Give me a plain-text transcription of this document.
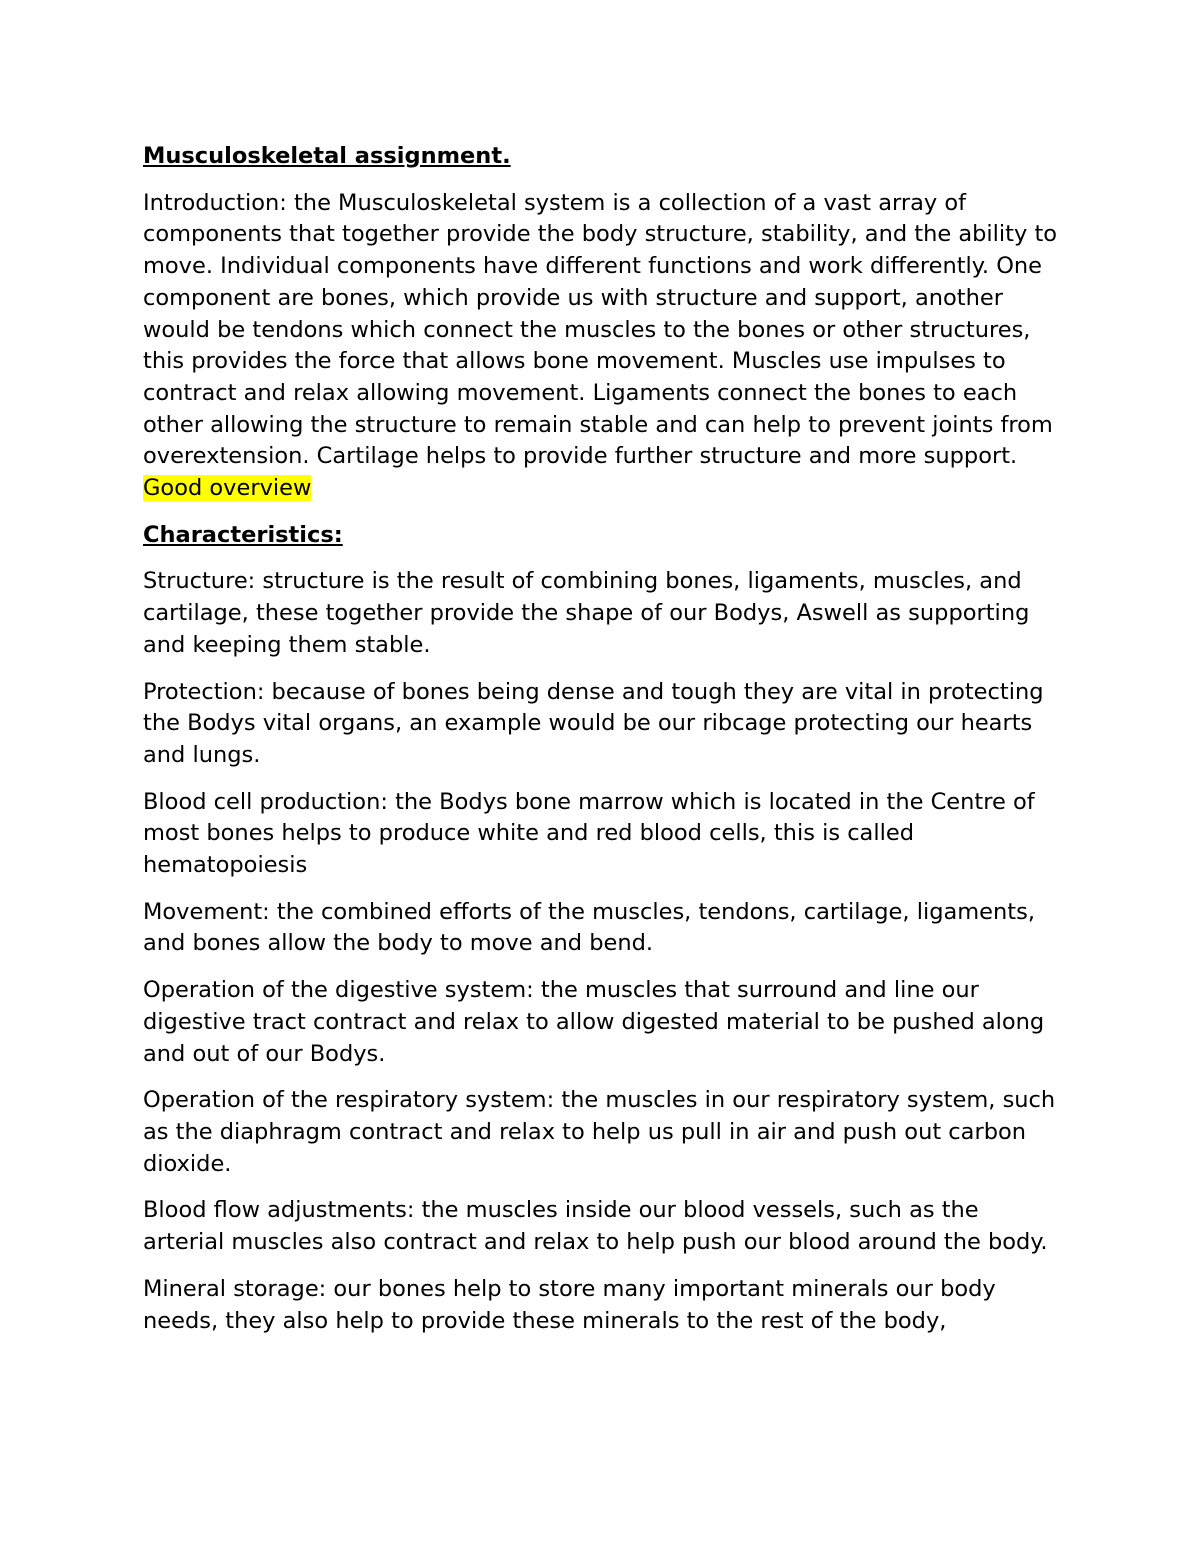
Musculoskeletal assignment.

Introduction: the Musculoskeletal system is a collection of a vast array of components that together provide the body structure, stability, and the ability to move. Individual components have different functions and work differently. One component are bones, which provide us with structure and support, another would be tendons which connect the muscles to the bones or other structures, this provides the force that allows bone movement. Muscles use impulses to contract and relax allowing movement. Ligaments connect the bones to each other allowing the structure to remain stable and can help to prevent joints from overextension. Cartilage helps to provide further structure and more support. Good overview

Characteristics:

Structure: structure is the result of combining bones, ligaments, muscles, and cartilage, these together provide the shape of our Bodys, Aswell as supporting and keeping them stable.

Protection: because of bones being dense and tough they are vital in protecting the Bodys vital organs, an example would be our ribcage protecting our hearts and lungs.

Blood cell production: the Bodys bone marrow which is located in the Centre of most bones helps to produce white and red blood cells, this is called hematopoiesis

Movement: the combined efforts of the muscles, tendons, cartilage, ligaments, and bones allow the body to move and bend.

Operation of the digestive system: the muscles that surround and line our digestive tract contract and relax to allow digested material to be pushed along and out of our Bodys.

Operation of the respiratory system: the muscles in our respiratory system, such as the diaphragm contract and relax to help us pull in air and push out carbon dioxide.

Blood flow adjustments: the muscles inside our blood vessels, such as the arterial muscles also contract and relax to help push our blood around the body.

Mineral storage: our bones help to store many important minerals our body needs, they also help to provide these minerals to the rest of the body,
